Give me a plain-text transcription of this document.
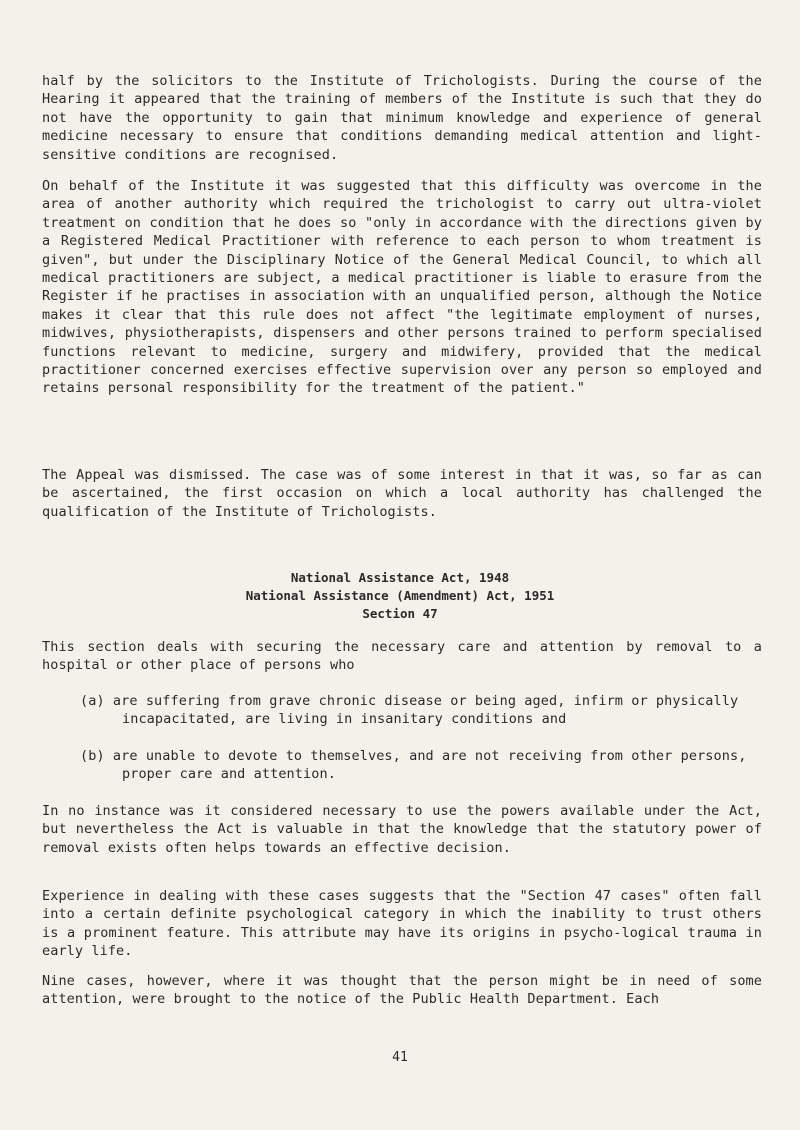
half by the solicitors to the Institute of Trichologists. During the course of the Hearing it appeared that the training of members of the Institute is such that they do not have the opportunity to gain that minimum knowledge and experience of general medicine necessary to ensure that conditions demanding medical attention and light-sensitive conditions are recognised.

On behalf of the Institute it was suggested that this difficulty was overcome in the area of another authority which required the trichologist to carry out ultra-violet treatment on condition that he does so "only in accordance with the directions given by a Registered Medical Practitioner with reference to each person to whom treatment is given", but under the Disciplinary Notice of the General Medical Council, to which all medical practitioners are subject, a medical practitioner is liable to erasure from the Register if he practises in association with an unqualified person, although the Notice makes it clear that this rule does not affect "the legitimate employment of nurses, midwives, physiotherapists, dispensers and other persons trained to perform specialised functions relevant to medicine, surgery and midwifery, provided that the medical practitioner concerned exercises effective supervision over any person so employed and retains personal responsibility for the treatment of the patient."

The Appeal was dismissed. The case was of some interest in that it was, so far as can be ascertained, the first occasion on which a local authority has challenged the qualification of the Institute of Trichologists.

National Assistance Act, 1948

National Assistance (Amendment) Act, 1951

Section 47

This section deals with securing the necessary care and attention by removal to a hospital or other place of persons who

(a) are suffering from grave chronic disease or being aged, infirm or physically incapacitated, are living in insanitary conditions and

(b) are unable to devote to themselves, and are not receiving from other persons, proper care and attention.

In no instance was it considered necessary to use the powers available under the Act, but nevertheless the Act is valuable in that the knowledge that the statutory power of removal exists often helps towards an effective decision.

Experience in dealing with these cases suggests that the "Section 47 cases" often fall into a certain definite psychological category in which the inability to trust others is a prominent feature. This attribute may have its origins in psycho-logical trauma in early life.

Nine cases, however, where it was thought that the person might be in need of some attention, were brought to the notice of the Public Health Department. Each

41
